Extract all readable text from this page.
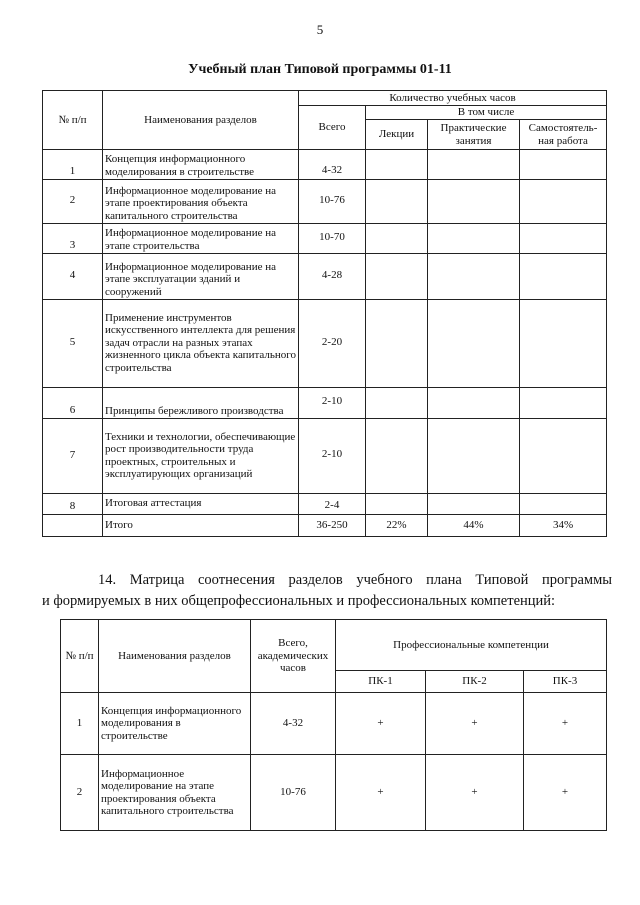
5
Учебный план Типовой программы 01-11
№ п/п	Наименования разделов	Количество учебных часов			
		Всего	В том числе		
			Лекции	Практические занятия	Самостоятель-ная работа
1	Концепция информационного моделирования в строительстве	4-32			
2	Информационное моделирование на этапе проектирования объекта капитального строительства	10-76			
3	Информационное моделирование на этапе строительства	10-70			
4	Информационное моделирование на этапе эксплуатации зданий и сооружений	4-28			
5	Применение инструментов искусственного интеллекта для решения задач отрасли на разных этапах жизненного цикла объекта капитального строительства	2-20			
6	Принципы бережливого производства	2-10			
7	Техники и технологии, обеспечивающие рост производительности труда проектных, строительных и эксплуатирующих организаций	2-10			
8	Итоговая аттестация	2-4			
	Итого	36-250	22%	44%	34%
14. Матрица соотнесения разделов учебного плана Типовой программы
и формируемых в них общепрофессиональных и профессиональных компетенций:
№ п/п	Наименования разделов	Всего, академических часов	Профессиональные компетенции		
			ПК-1	ПК-2	ПК-3
1	Концепция информационного моделирования в строительстве	4-32	+	+	+
2	Информационное моделирование на этапе проектирования объекта капитального строительства	10-76	+	+	+
